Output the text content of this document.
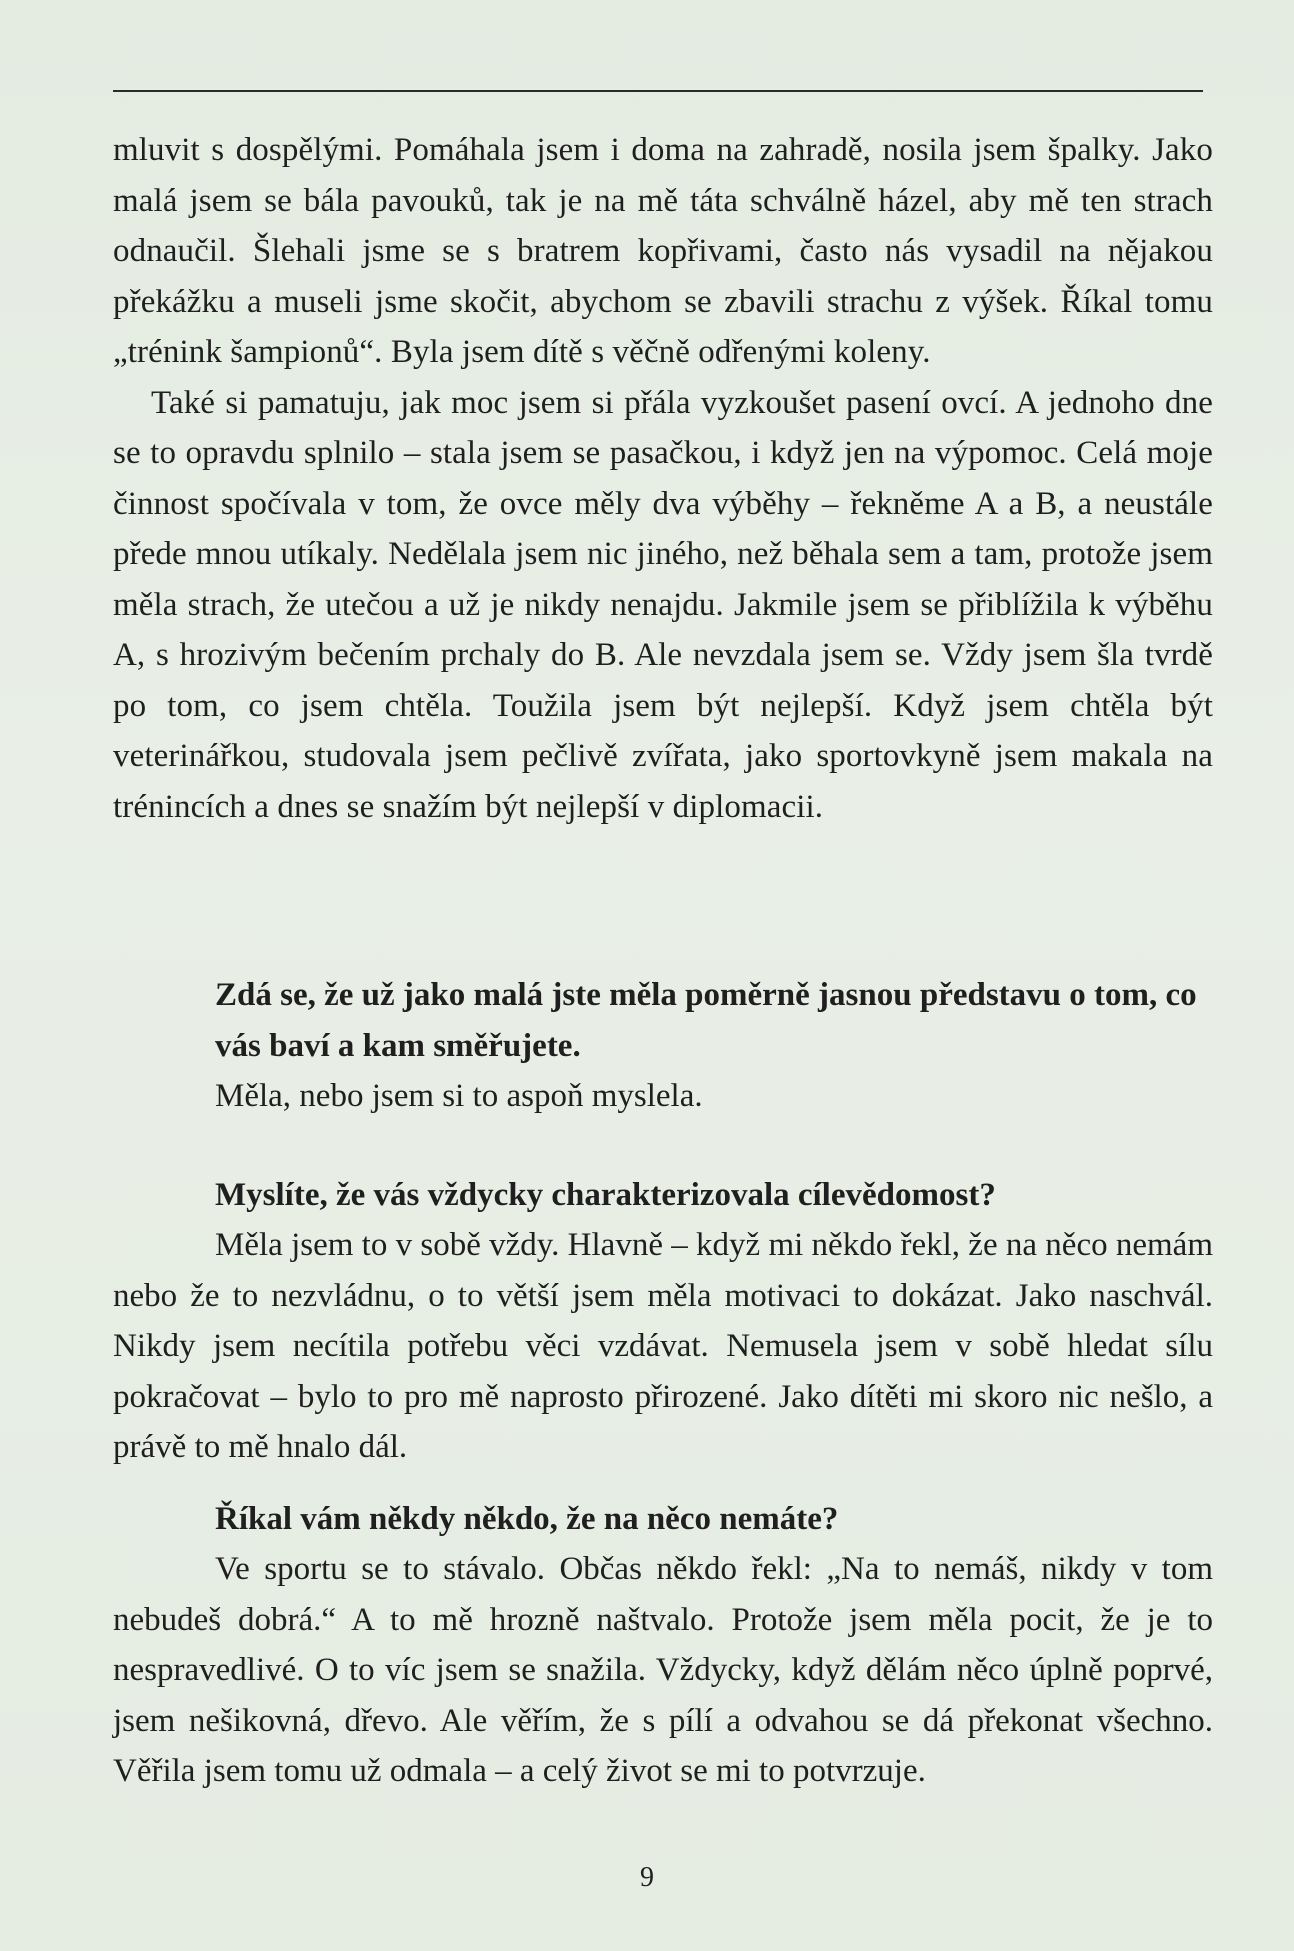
mluvit s dospělými. Pomáhala jsem i doma na zahradě, nosila jsem špalky. Jako malá jsem se bála pavouků, tak je na mě táta schválně házel, aby mě ten strach odnaučil. Šlehali jsme se s bratrem kopřivami, často nás vysadil na nějakou překážku a museli jsme skočit, abychom se zbavili strachu z výšek. Říkal tomu „trénink šampionů“. Byla jsem dítě s věčně odřenými koleny.

Také si pamatuju, jak moc jsem si přála vyzkoušet pasení ovcí. A jednoho dne se to opravdu splnilo – stala jsem se pasačkou, i když jen na výpomoc. Celá moje činnost spočívala v tom, že ovce měly dva výběhy – řekněme A a B, a neustále přede mnou utíkaly. Nedělala jsem nic jiného, než běhala sem a tam, protože jsem měla strach, že utečou a už je nikdy nenajdu. Jakmile jsem se přiblížila k výběhu A, s hrozivým bečením prchaly do B. Ale nevzdala jsem se. Vždy jsem šla tvrdě po tom, co jsem chtěla. Toužila jsem být nejlepší. Když jsem chtěla být veterinářkou, studovala jsem pečlivě zvířata, jako sportovkyně jsem makala na trénincích a dnes se snažím být nejlepší v diplomacii.

Zdá se, že už jako malá jste měla poměrně jasnou představu o tom, co vás baví a kam směřujete.

Měla, nebo jsem si to aspoň myslela.

Myslíte, že vás vždycky charakterizovala cílevědomost?

Měla jsem to v sobě vždy. Hlavně – když mi někdo řekl, že na něco nemám nebo že to nezvládnu, o to větší jsem měla motivaci to dokázat. Jako naschvál. Nikdy jsem necítila potřebu věci vzdávat. Nemusela jsem v sobě hledat sílu pokračovat – bylo to pro mě naprosto přirozené. Jako dítěti mi skoro nic nešlo, a právě to mě hnalo dál.

Říkal vám někdy někdo, že na něco nemáte?

Ve sportu se to stávalo. Občas někdo řekl: „Na to nemáš, nikdy v tom nebudeš dobrá.“ A to mě hrozně naštvalo. Protože jsem měla pocit, že je to nespravedlivé. O to víc jsem se snažila. Vždycky, když dělám něco úplně poprvé, jsem nešikovná, dřevo. Ale věřím, že s pílí a odvahou se dá překonat všechno. Věřila jsem tomu už odmala – a celý život se mi to potvrzuje.

9
